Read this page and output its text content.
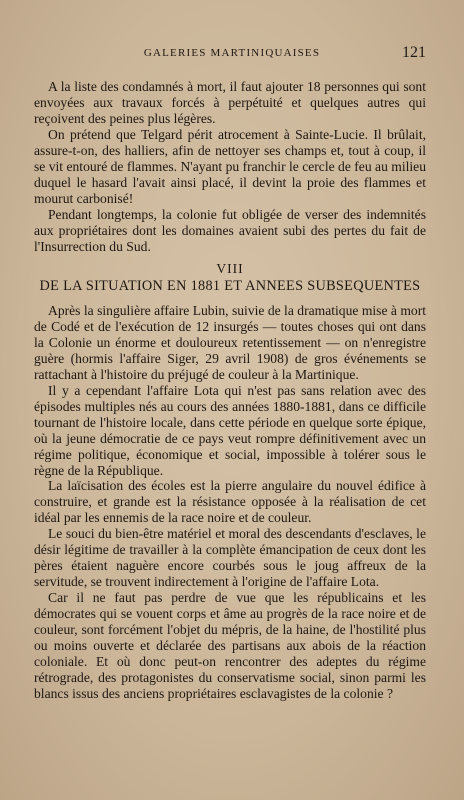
GALERIES MARTINIQUAISES	121

A la liste des condamnés à mort, il faut ajouter 18 personnes qui sont envoyées aux travaux forcés à perpétuité et quelques autres qui reçoivent des peines plus légères.

On prétend que Telgard périt atrocement à Sainte-Lucie. Il brûlait, assure-t-on, des halliers, afin de nettoyer ses champs et, tout à coup, il se vit entouré de flammes. N'ayant pu franchir le cercle de feu au milieu duquel le hasard l'avait ainsi placé, il devint la proie des flammes et mourut carbonisé!

Pendant longtemps, la colonie fut obligée de verser des indemnités aux propriétaires dont les domaines avaient subi des pertes du fait de l'Insurrection du Sud.

VIII
DE LA SITUATION EN 1881 ET ANNEES SUBSEQUENTES

Après la singulière affaire Lubin, suivie de la dramatique mise à mort de Codé et de l'exécution de 12 insurgés — toutes choses qui ont dans la Colonie un énorme et douloureux retentissement — on n'enregistre guère (hormis l'affaire Siger, 29 avril 1908) de gros événements se rattachant à l'histoire du préjugé de couleur à la Martinique.

Il y a cependant l'affaire Lota qui n'est pas sans relation avec des épisodes multiples nés au cours des années 1880-1881, dans ce difficile tournant de l'histoire locale, dans cette période en quelque sorte épique, où la jeune démocratie de ce pays veut rompre définitivement avec un régime politique, économique et social, impossible à tolérer sous le règne de la République.

La laïcisation des écoles est la pierre angulaire du nouvel édifice à construire, et grande est la résistance opposée à la réalisation de cet idéal par les ennemis de la race noire et de couleur.

Le souci du bien-être matériel et moral des descendants d'esclaves, le désir légitime de travailler à la complète émancipation de ceux dont les pères étaient naguère encore courbés sous le joug affreux de la servitude, se trouvent indirectement à l'origine de l'affaire Lota.

Car il ne faut pas perdre de vue que les républicains et les démocrates qui se vouent corps et âme au progrès de la race noire et de couleur, sont forcément l'objet du mépris, de la haine, de l'hostilité plus ou moins ouverte et déclarée des partisans aux abois de la réaction coloniale. Et où donc peut-on rencontrer des adeptes du régime rétrograde, des protagonistes du conservatisme social, sinon parmi les blancs issus des anciens propriétaires esclavagistes de la colonie ?
